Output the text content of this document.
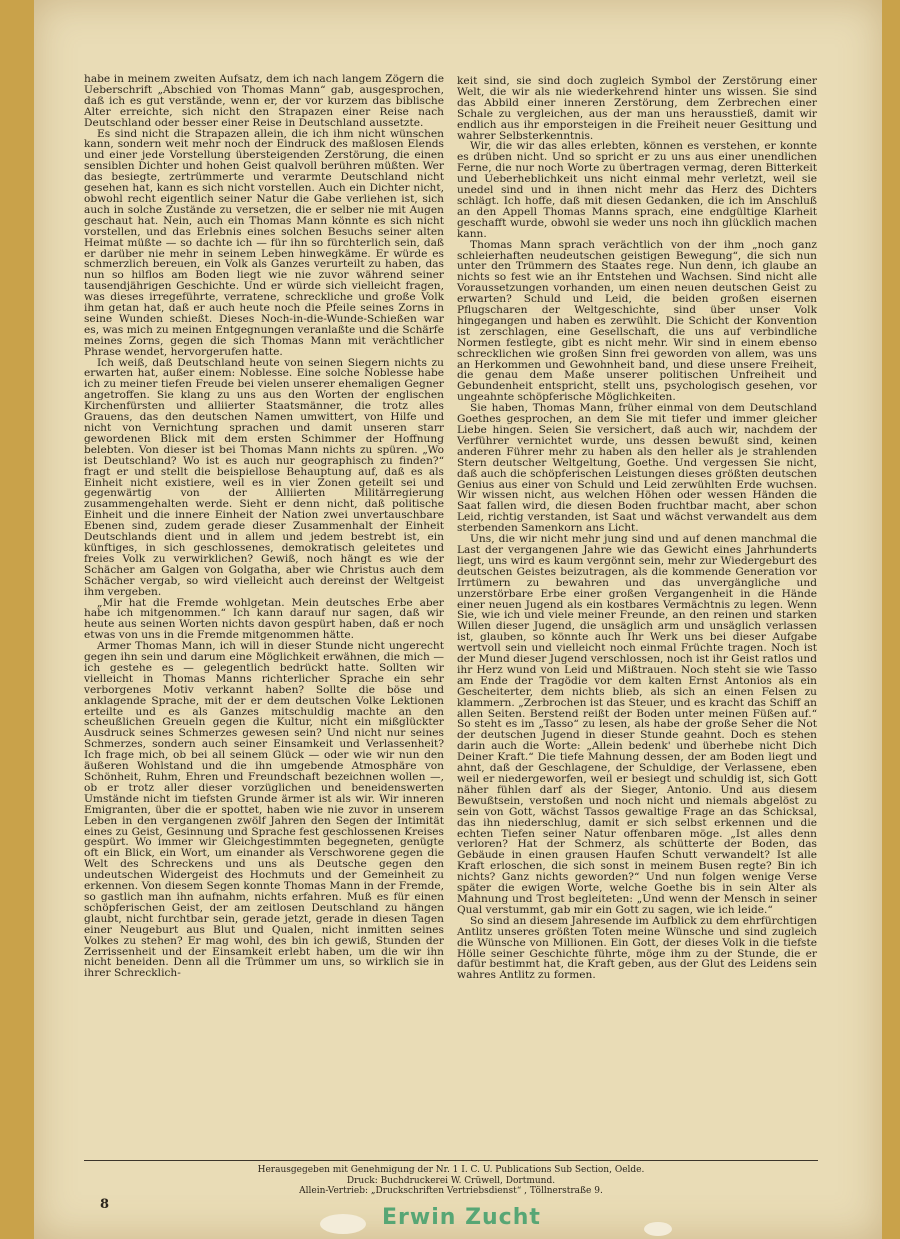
habe in meinem zweiten Aufsatz, dem ich nach langem Zögern die Ueberschrift „Abschied von Thomas Mann“ gab, ausgesprochen, daß ich es gut verstände, wenn er, der vor kurzem das biblische Alter erreichte, sich nicht den Strapazen einer Reise nach Deutschland oder besser einer Reise in Deutschland aussetzte.

Es sind nicht die Strapazen allein, die ich ihm nicht wünschen kann, sondern weit mehr noch der Eindruck des maßlosen Elends und einer jede Vorstellung übersteigenden Zerstörung, die einen sensiblen Dichter und hohen Geist qualvoll berühren müßten. Wer das besiegte, zertrümmerte und verarmte Deutschland nicht gesehen hat, kann es sich nicht vorstellen. Auch ein Dichter nicht, obwohl recht eigentlich seiner Natur die Gabe verliehen ist, sich auch in solche Zustände zu versetzen, die er selber nie mit Augen geschaut hat. Nein, auch ein Thomas Mann könnte es sich nicht vorstellen, und das Erlebnis eines solchen Besuchs seiner alten Heimat müßte — so dachte ich — für ihn so fürchterlich sein, daß er darüber nie mehr in seinem Leben hinwegkäme. Er würde es schmerzlich bereuen, ein Volk als Ganzes verurteilt zu haben, das nun so hilflos am Boden liegt wie nie zuvor während seiner tausendjährigen Geschichte. Und er würde sich vielleicht fragen, was dieses irregeführte, verratene, schreckliche und große Volk ihm getan hat, daß er auch heute noch die Pfeile seines Zorns in seine Wunden schießt. Dieses Noch-in-die-Wunde-Schießen war es, was mich zu meinen Entgegnungen veranlaßte und die Schärfe meines Zorns, gegen die sich Thomas Mann mit verächtlicher Phrase wendet, hervorgerufen hatte.

Ich weiß, daß Deutschland heute von seinen Siegern nichts zu erwarten hat, außer einem: Noblesse. Eine solche Noblesse habe ich zu meiner tiefen Freude bei vielen unserer ehemaligen Gegner angetroffen. Sie klang zu uns aus den Worten der englischen Kirchenfürsten und alliierter Staatsmänner, die trotz alles Grauens, das den deutschen Namen umwittert, von Hilfe und nicht von Vernichtung sprachen und damit unseren starr gewordenen Blick mit dem ersten Schimmer der Hoffnung belebten. Von dieser ist bei Thomas Mann nichts zu spüren. „Wo ist Deutschland? Wo ist es auch nur geographisch zu finden?“ fragt er und stellt die beispiellose Behauptung auf, daß es als Einheit nicht existiere, weil es in vier Zonen geteilt sei und gegenwärtig von der Alliierten Militärregierung zusammengehalten werde. Sieht er denn nicht, daß politische Einheit und die innere Einheit der Nation zwei unvertauschbare Ebenen sind, zudem gerade dieser Zusammenhalt der Einheit Deutschlands dient und in allem und jedem bestrebt ist, ein künftiges, in sich geschlossenes, demokratisch geleitetes und freies Volk zu verwirklichen? Gewiß, noch hängt es wie der Schächer am Galgen von Golgatha, aber wie Christus auch dem Schächer vergab, so wird vielleicht auch dereinst der Weltgeist ihm vergeben.

„Mir hat die Fremde wohlgetan. Mein deutsches Erbe aber habe ich mitgenommen.“ Ich kann darauf nur sagen, daß wir heute aus seinen Worten nichts davon gespürt haben, daß er noch etwas von uns in die Fremde mitgenommen hätte.

Armer Thomas Mann, ich will in dieser Stunde nicht ungerecht gegen ihn sein und darum eine Möglichkeit erwähnen, die mich — ich gestehe es — gelegentlich bedrückt hatte. Sollten wir vielleicht in Thomas Manns richterlicher Sprache ein sehr verborgenes Motiv verkannt haben? Sollte die böse und anklagende Sprache, mit der er dem deutschen Volke Lektionen erteilte und es als Ganzes mitschuldig machte an den scheußlichen Greueln gegen die Kultur, nicht ein mißglückter Ausdruck seines Schmerzes gewesen sein? Und nicht nur seines Schmerzes, sondern auch seiner Einsamkeit und Verlassenheit? Ich frage mich, ob bei all seinem Glück — oder wie wir nun den äußeren Wohlstand und die ihn umgebende Atmosphäre von Schönheit, Ruhm, Ehren und Freundschaft bezeichnen wollen —, ob er trotz aller dieser vorzüglichen und beneidenswerten Umstände nicht im tiefsten Grunde ärmer ist als wir. Wir inneren Emigranten, über die er spottet, haben wie nie zuvor in unserem Leben in den vergangenen zwölf Jahren den Segen der Intimität eines zu Geist, Gesinnung und Sprache fest geschlossenen Kreises gespürt. Wo immer wir Gleichgestimmten begegneten, genügte oft ein Blick, ein Wort, um einander als Verschworene gegen die Welt des Schreckens und uns als Deutsche gegen den undeutschen Widergeist des Hochmuts und der Gemeinheit zu erkennen. Von diesem Segen konnte Thomas Mann in der Fremde, so gastlich man ihn aufnahm, nichts erfahren. Muß es für einen schöpferischen Geist, der am zeitlosen Deutschland zu hängen glaubt, nicht furchtbar sein, gerade jetzt, gerade in diesen Tagen einer Neugeburt aus Blut und Qualen, nicht inmitten seines Volkes zu stehen? Er mag wohl, des bin ich gewiß, Stunden der Zerrissenheit und der Einsamkeit erlebt haben, um die wir ihn nicht beneiden. Denn all die Trümmer um uns, so wirklich sie in ihrer Schrecklich-

keit sind, sie sind doch zugleich Symbol der Zerstörung einer Welt, die wir als nie wiederkehrend hinter uns wissen. Sie sind das Abbild einer inneren Zerstörung, dem Zerbrechen einer Schale zu vergleichen, aus der man uns herausstieß, damit wir endlich aus ihr emporsteigen in die Freiheit neuer Gesittung und wahrer Selbsterkenntnis.

Wir, die wir das alles erlebten, können es verstehen, er konnte es drüben nicht. Und so spricht er zu uns aus einer unendlichen Ferne, die nur noch Worte zu übertragen vermag, deren Bitterkeit und Ueberheblichkeit uns nicht einmal mehr verletzt, weil sie unedel sind und in ihnen nicht mehr das Herz des Dichters schlägt. Ich hoffe, daß mit diesen Gedanken, die ich im Anschluß an den Appell Thomas Manns sprach, eine endgültige Klarheit geschafft wurde, obwohl sie weder uns noch ihn glücklich machen kann.

Thomas Mann sprach verächtlich von der ihm „noch ganz schleierhaften neudeutschen geistigen Bewegung“, die sich nun unter den Trümmern des Staates rege. Nun denn, ich glaube an nichts so fest wie an ihr Entstehen und Wachsen. Sind nicht alle Voraussetzungen vorhanden, um einen neuen deutschen Geist zu erwarten? Schuld und Leid, die beiden großen eisernen Pflugscharen der Weltgeschichte, sind über unser Volk hingegangen und haben es zerwühlt. Die Schicht der Konvention ist zerschlagen, eine Gesellschaft, die uns auf verbindliche Normen festlegte, gibt es nicht mehr. Wir sind in einem ebenso schrecklichen wie großen Sinn frei geworden von allem, was uns an Herkommen und Gewohnheit band, und diese unsere Freiheit, die genau dem Maße unserer politischen Unfreiheit und Gebundenheit entspricht, stellt uns, psychologisch gesehen, vor ungeahnte schöpferische Möglichkeiten.

Sie haben, Thomas Mann, früher einmal von dem Deutschland Goethes gesprochen, an dem Sie mit tiefer und immer gleicher Liebe hingen. Seien Sie versichert, daß auch wir, nachdem der Verführer vernichtet wurde, uns dessen bewußt sind, keinen anderen Führer mehr zu haben als den heller als je strahlenden Stern deutscher Weltgeltung, Goethe. Und vergessen Sie nicht, daß auch die schöpferischen Leistungen dieses größten deutschen Genius aus einer von Schuld und Leid zerwühlten Erde wuchsen. Wir wissen nicht, aus welchen Höhen oder wessen Händen die Saat fallen wird, die diesen Boden fruchtbar macht, aber schon Leid, richtig verstanden, ist Saat und wächst verwandelt aus dem sterbenden Samenkorn ans Licht.

Uns, die wir nicht mehr jung sind und auf denen manchmal die Last der vergangenen Jahre wie das Gewicht eines Jahrhunderts liegt, uns wird es kaum vergönnt sein, mehr zur Wiedergeburt des deutschen Geistes beizutragen, als die kommende Generation vor Irrtümern zu bewahren und das unvergängliche und unzerstörbare Erbe einer großen Vergangenheit in die Hände einer neuen Jugend als ein kostbares Vermächtnis zu legen. Wenn Sie, wie ich und viele meiner Freunde, an den reinen und starken Willen dieser Jugend, die unsäglich arm und unsäglich verlassen ist, glauben, so könnte auch Ihr Werk uns bei dieser Aufgabe wertvoll sein und vielleicht noch einmal Früchte tragen. Noch ist der Mund dieser Jugend verschlossen, noch ist ihr Geist ratlos und ihr Herz wund von Leid und Mißtrauen. Noch steht sie wie Tasso am Ende der Tragödie vor dem kalten Ernst Antonios als ein Gescheiterter, dem nichts blieb, als sich an einen Felsen zu klammern. „Zerbrochen ist das Steuer, und es kracht das Schiff an allen Seiten. Berstend reißt der Boden unter meinen Füßen auf.“ So steht es im „Tasso“ zu lesen, als habe der große Seher die Not der deutschen Jugend in dieser Stunde geahnt. Doch es stehen darin auch die Worte: „Allein bedenk' und überhebe nicht Dich Deiner Kraft.“ Die tiefe Mahnung dessen, der am Boden liegt und ahnt, daß der Geschlagene, der Schuldige, der Verlassene, eben weil er niedergeworfen, weil er besiegt und schuldig ist, sich Gott näher fühlen darf als der Sieger, Antonio. Und aus diesem Bewußtsein, verstoßen und noch nicht und niemals abgelöst zu sein von Gott, wächst Tassos gewaltige Frage an das Schicksal, das ihn niederschlug, damit er sich selbst erkennen und die echten Tiefen seiner Natur offenbaren möge. „Ist alles denn verloren? Hat der Schmerz, als schütterte der Boden, das Gebäude in einen grausen Haufen Schutt verwandelt? Ist alle Kraft erloschen, die sich sonst in meinem Busen regte? Bin ich nichts? Ganz nichts geworden?“ Und nun folgen wenige Verse später die ewigen Worte, welche Goethe bis in sein Alter als Mahnung und Trost begleiteten: „Und wenn der Mensch in seiner Qual verstummt, gab mir ein Gott zu sagen, wie ich leide.“

So sind an diesem Jahresende im Aufblick zu dem ehrfürchtigen Antlitz unseres größten Toten meine Wünsche und sind zugleich die Wünsche von Millionen. Ein Gott, der dieses Volk in die tiefste Hölle seiner Geschichte führte, möge ihm zu der Stunde, die er dafür bestimmt hat, die Kraft geben, aus der Glut des Leidens sein wahres Antlitz zu formen.

Herausgegeben mit Genehmigung der Nr. 1 I. C. U. Publications Sub Section, Oelde.
Druck: Buchdruckerei W. Crüwell, Dortmund.
Allein-Vertrieb: „Druckschriften Vertriebsdienst“ , Töllnerstraße 9.
8
Erwin Zucht
